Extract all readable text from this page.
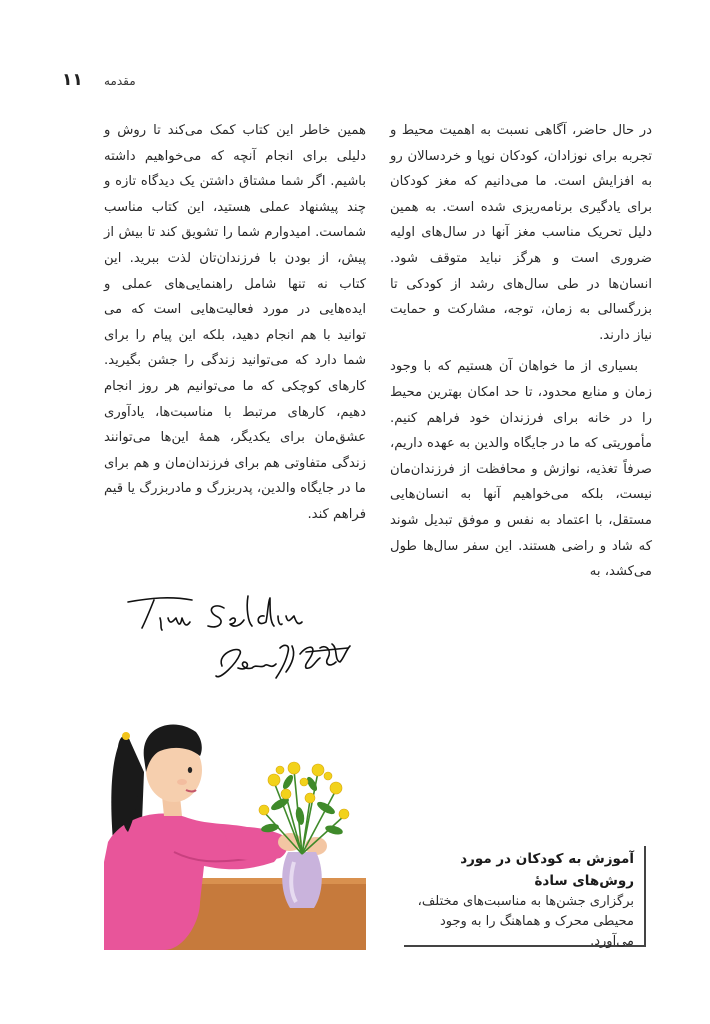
مقدمه
۱۱

در حال حاضر، آگاهی نسبت به اهمیت محیط و تجربه برای نوزادان، کودکان نوپا و خردسالان رو به افزایش است. ما می‌دانیم که مغز کودکان برای یادگیری برنامه‌ریزی شده است. به همین دلیل تحریک مناسب مغز آنها در سال‌های اولیه ضروری است و هرگز نباید متوقف شود. انسان‌ها در طی سال‌های رشد از کودکی تا بزرگسالی به زمان، توجه، مشارکت و حمایت نیاز دارند.

بسیاری از ما خواهان آن هستیم که با وجود زمان و منابع محدود، تا حد امکان بهترین محیط را در خانه برای فرزندان خود فراهم کنیم. مأموریتی که ما در جایگاه والدین به عهده داریم، صرفاً تغذیه، نوازش و محافظت از فرزندان‌مان نیست، بلکه می‌خواهیم آنها به انسان‌هایی مستقل، با اعتماد به نفس و موفق تبدیل شوند که شاد و راضی هستند. این سفر سال‌ها طول می‌کشد، به

همین خاطر این کتاب کمک می‌کند تا روش و دلیلی برای انجام آنچه که می‌خواهیم داشته باشیم. اگر شما مشتاق داشتن یک دیدگاه تازه و چند پیشنهاد عملی هستید، این کتاب مناسب شماست. امیدوارم شما را تشویق کند تا بیش از پیش، از بودن با فرزندان‌تان لذت ببرید. این کتاب نه تنها شامل راهنمایی‌های عملی و ایده‌هایی در مورد فعالیت‌هایی است که می توانید با هم انجام دهید، بلکه این پیام را برای شما دارد که می‌توانید زندگی را جشن بگیرید. کارهای کوچکی که ما می‌توانیم هر روز انجام دهیم، کارهای مرتبط با مناسبت‌ها، یادآوری عشق‌مان برای یکدیگر، همهٔ این‌ها می‌توانند زندگی متفاوتی هم برای فرزندان‌مان و هم برای ما در جایگاه والدین، پدربزرگ و مادربزرگ یا قیم فراهم کند.

آموزش به کودکان در مورد روش‌های سادهٔ
برگزاری جشن‌ها به مناسبت‌های مختلف، محیطی محرک و هماهنگ را به وجود می‌آورد.
